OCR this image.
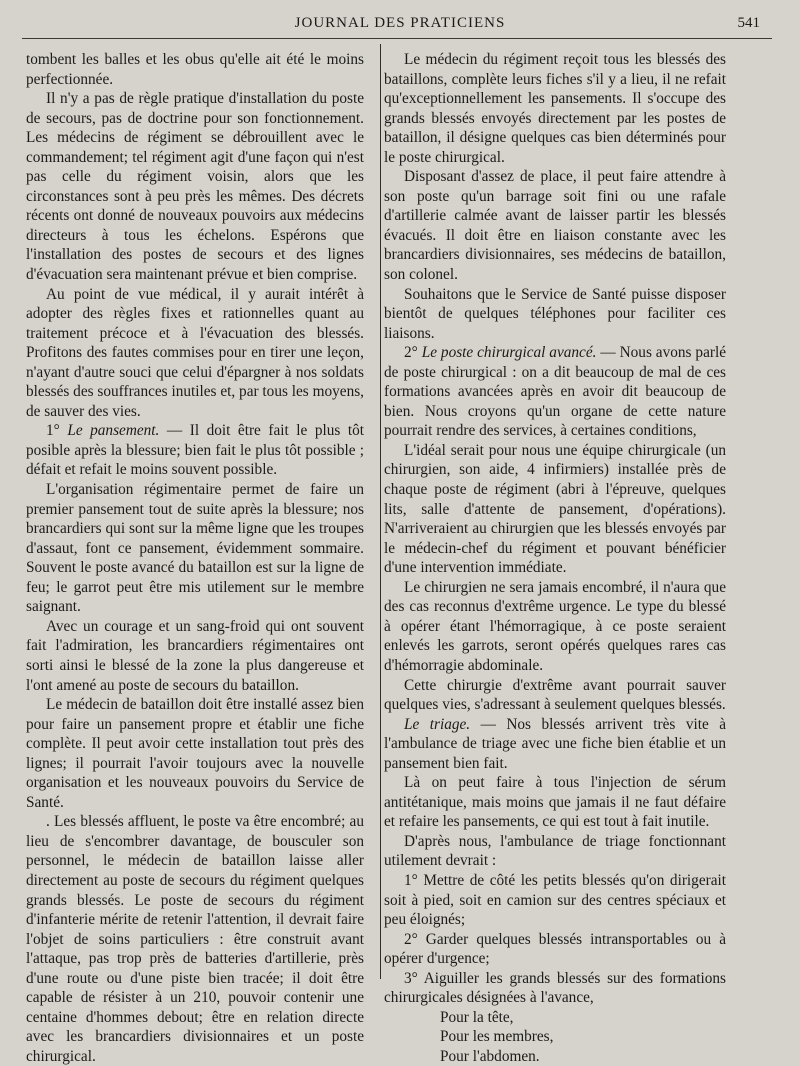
JOURNAL DES PRATICIENS	541

tombent les balles et les obus qu'elle ait été le moins perfectionnée.

Il n'y a pas de règle pratique d'installation du poste de secours, pas de doctrine pour son fonctionnement. Les médecins de régiment se débrouillent avec le commandement; tel régiment agit d'une façon qui n'est pas celle du régiment voisin, alors que les circonstances sont à peu près les mêmes. Des décrets récents ont donné de nouveaux pouvoirs aux médecins directeurs à tous les échelons. Espérons que l'installation des postes de secours et des lignes d'évacuation sera maintenant prévue et bien comprise.

Au point de vue médical, il y aurait intérêt à adopter des règles fixes et rationnelles quant au traitement précoce et à l'évacuation des blessés. Profitons des fautes commises pour en tirer une leçon, n'ayant d'autre souci que celui d'épargner à nos soldats blessés des souffrances inutiles et, par tous les moyens, de sauver des vies.

1° Le pansement. — Il doit être fait le plus tôt posible après la blessure; bien fait le plus tôt possible ; défait et refait le moins souvent possible.

L'organisation régimentaire permet de faire un premier pansement tout de suite après la blessure; nos brancardiers qui sont sur la même ligne que les troupes d'assaut, font ce pansement, évidemment sommaire. Souvent le poste avancé du bataillon est sur la ligne de feu; le garrot peut être mis utilement sur le membre saignant.

Avec un courage et un sang-froid qui ont souvent fait l'admiration, les brancardiers régimentaires ont sorti ainsi le blessé de la zone la plus dangereuse et l'ont amené au poste de secours du bataillon.

Le médecin de bataillon doit être installé assez bien pour faire un pansement propre et établir une fiche complète. Il peut avoir cette installation tout près des lignes; il pourrait l'avoir toujours avec la nouvelle organisation et les nouveaux pouvoirs du Service de Santé.

. Les blessés affluent, le poste va être encombré; au lieu de s'encombrer davantage, de bousculer son personnel, le médecin de bataillon laisse aller directement au poste de secours du régiment quelques grands blessés. Le poste de secours du régiment d'infanterie mérite de retenir l'attention, il devrait faire l'objet de soins particuliers : être construit avant l'attaque, pas trop près de batteries d'artillerie, près d'une route ou d'une piste bien tracée; il doit être capable de résister à un 210, pouvoir contenir une centaine d'hommes debout; être en relation directe avec les brancardiers divisionnaires et un poste chirurgical.

Le médecin du régiment reçoit tous les blessés des bataillons, complète leurs fiches s'il y a lieu, il ne refait qu'exceptionnellement les pansements. Il s'occupe des grands blessés envoyés directement par les postes de bataillon, il désigne quelques cas bien déterminés pour le poste chirurgical.

Disposant d'assez de place, il peut faire attendre à son poste qu'un barrage soit fini ou une rafale d'artillerie calmée avant de laisser partir les blessés évacués. Il doit être en liaison constante avec les brancardiers divisionnaires, ses médecins de bataillon, son colonel.

Souhaitons que le Service de Santé puisse disposer bientôt de quelques téléphones pour faciliter ces liaisons.

2° Le poste chirurgical avancé. — Nous avons parlé de poste chirurgical : on a dit beaucoup de mal de ces formations avancées après en avoir dit beaucoup de bien. Nous croyons qu'un organe de cette nature pourrait rendre des services, à certaines conditions,

L'idéal serait pour nous une équipe chirurgicale (un chirurgien, son aide, 4 infirmiers) installée près de chaque poste de régiment (abri à l'épreuve, quelques lits, salle d'attente de pansement, d'opérations). N'arriveraient au chirurgien que les blessés envoyés par le médecin-chef du régiment et pouvant bénéficier d'une intervention immédiate.

Le chirurgien ne sera jamais encombré, il n'aura que des cas reconnus d'extrême urgence. Le type du blessé à opérer étant l'hémorragique, à ce poste seraient enlevés les garrots, seront opérés quelques rares cas d'hémorragie abdominale.

Cette chirurgie d'extrême avant pourrait sauver quelques vies, s'adressant à seulement quelques blessés.

Le triage. — Nos blessés arrivent très vite à l'ambulance de triage avec une fiche bien établie et un pansement bien fait.

Là on peut faire à tous l'injection de sérum antitétanique, mais moins que jamais il ne faut défaire et refaire les pansements, ce qui est tout à fait inutile.

D'après nous, l'ambulance de triage fonctionnant utilement devrait :

1° Mettre de côté les petits blessés qu'on dirigerait soit à pied, soit en camion sur des centres spéciaux et peu éloignés;

2° Garder quelques blessés intransportables ou à opérer d'urgence;

3° Aiguiller les grands blessés sur des formations chirurgicales désignées à l'avance,

Pour la tête,

Pour les membres,

Pour l'abdomen.
